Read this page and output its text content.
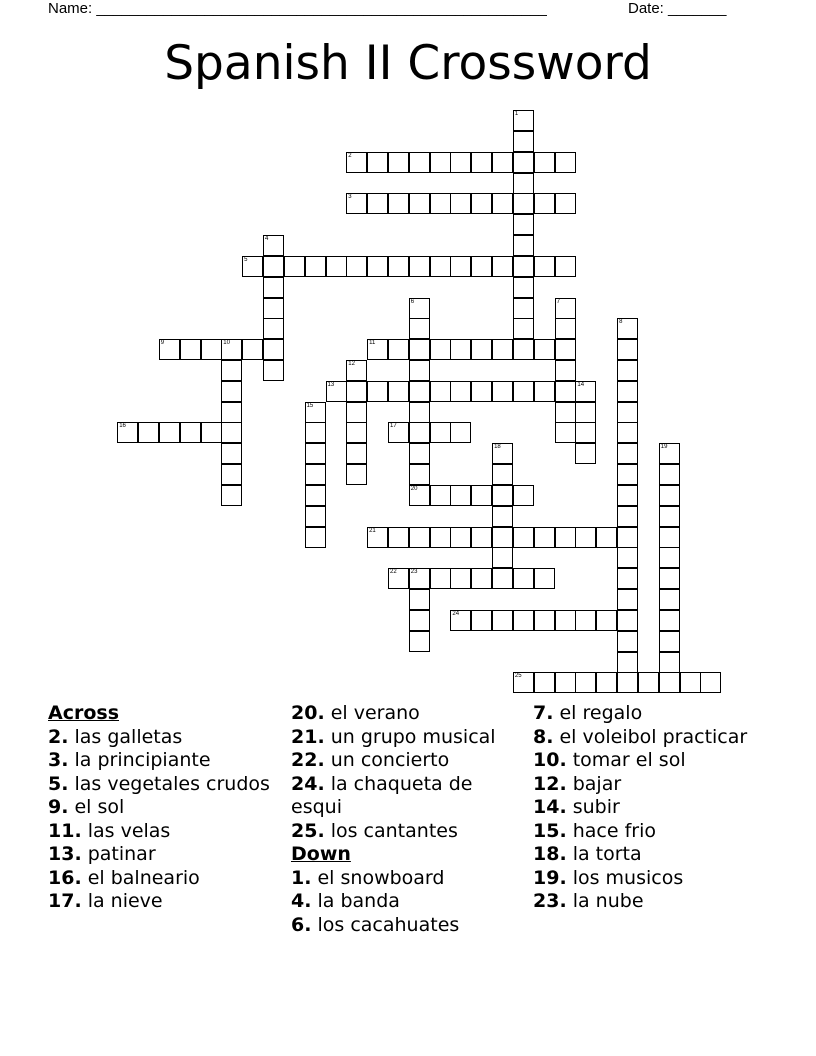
Name: ______________________________________________________	Date: _______
Spanish II Crossword
1
2
3
4
5
6	7
8
9	10	11
12
13	14
15
16	17
18	19
20
21
22 23
24
25
Across
2. las galletas
3. la principiante
5. las vegetales crudos
9. el sol
11. las velas
13. patinar
16. el balneario
17. la nieve
20. el verano
21. un grupo musical
22. un concierto
24. la chaqueta de esqui
25. los cantantes
Down
1. el snowboard
4. la banda
6. los cacahuates
7. el regalo
8. el voleibol practicar
10. tomar el sol
12. bajar
14. subir
15. hace frio
18. la torta
19. los musicos
23. la nube
